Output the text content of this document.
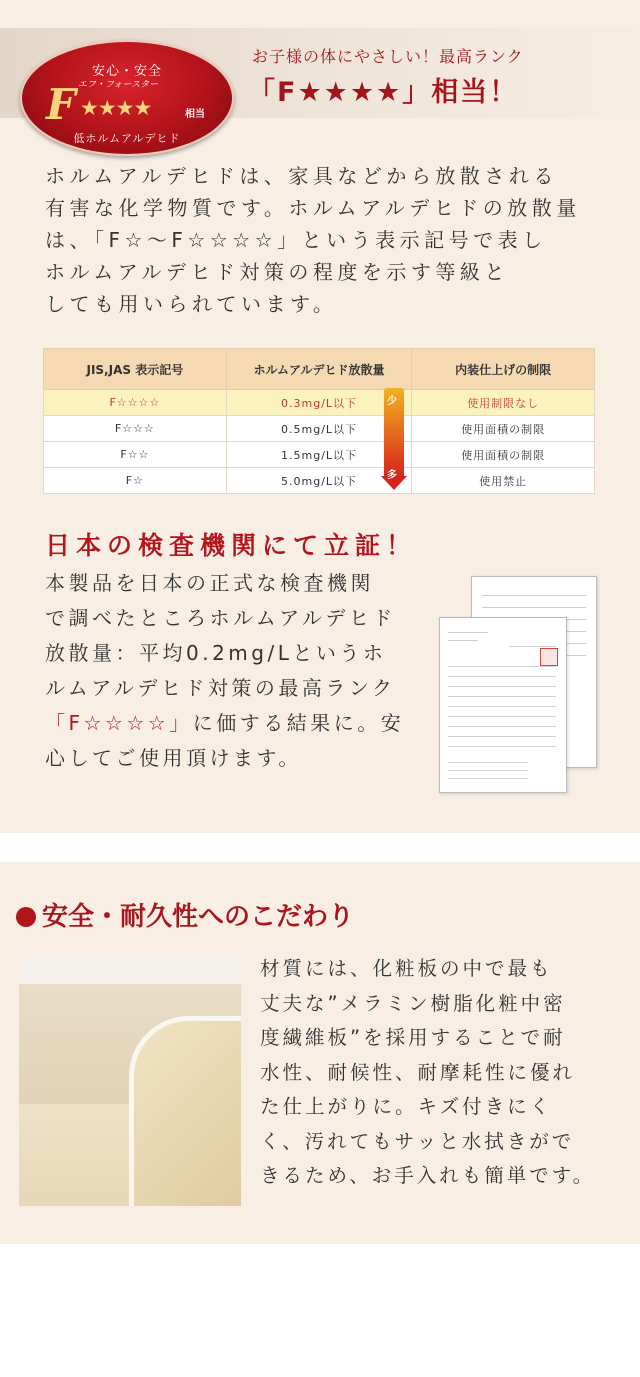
安心・安全
F エフ・フォースター
★★★★	相当
低ホルムアルデヒド
お子様の体にやさしい！最高ランク
「F★★★★」相当！

ホルムアルデヒドは、家具などから放散される
有害な化学物質です。ホルムアルデヒドの放散量
は、「F☆〜F☆☆☆☆」という表示記号で表し
ホルムアルデヒド対策の程度を示す等級と
しても用いられています。

JIS,JAS 表示記号	ホルムアルデヒド放散量	内装仕上げの制限
F☆☆☆☆	0.3mg/L以下	使用制限なし
F☆☆☆	0.5mg/L以下	使用面積の制限
F☆☆	1.5mg/L以下	使用面積の制限
F☆	5.0mg/L以下	使用禁止
少
多
日本の検査機関にて立証！

本製品を日本の正式な検査機関
で調べたところホルムアルデヒド
放散量：平均0.2mg/Lというホ
ルムアルデヒド対策の最高ランク
「F☆☆☆☆」に価する結果に。安
心してご使用頂けます。

安全・耐久性へのこだわり

材質には、化粧板の中で最も
丈夫な”メラミン樹脂化粧中密
度繊維板”を採用することで耐
水性、耐候性、耐摩耗性に優れ
た仕上がりに。キズ付きにく
く、汚れてもサッと水拭きがで
きるため、お手入れも簡単です。
